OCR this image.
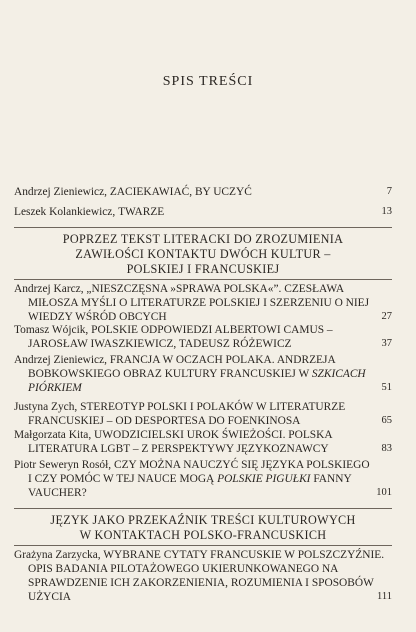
SPIS TREŚCI
Andrzej Zieniewicz, ZACIEKAWIAĆ, BY UCZYĆ	7
Leszek Kolankiewicz, TWARZE	13
POPRZEZ TEKST LITERACKI DO ZROZUMIENIA
ZAWIŁOŚCI KONTAKTU DWÓCH KULTUR –
POLSKIEJ I FRANCUSKIEJ
Andrzej Karcz, „NIESZCZĘSNA »SPRAWA POLSKA«”. CZESŁAWA
MIŁOSZA MYŚLI O LITERATURZE POLSKIEJ I SZERZENIU O NIEJ
WIEDZY WŚRÓD OBCYCH	27
Tomasz Wójcik, POLSKIE ODPOWIEDZI ALBERTOWI CAMUS –
JAROSŁAW IWASZKIEWICZ, TADEUSZ RÓŻEWICZ	37
Andrzej Zieniewicz, FRANCJA W OCZACH POLAKA. ANDRZEJA
BOBKOWSKIEGO OBRAZ KULTURY FRANCUSKIEJ W SZKICACH
PIÓRKIEM	51
Justyna Zych, STEREOTYP POLSKI I POLAKÓW W LITERATURZE
FRANCUSKIEJ – OD DESPORTESA DO FOENKINOSA	65
Małgorzata Kita, UWODZICIELSKI UROK ŚWIEŻOŚCI. POLSKA
LITERATURA LGBT – Z PERSPEKTYWY JĘZYKOZNAWCY	83
Piotr Seweryn Rosół, CZY MOŻNA NAUCZYĆ SIĘ JĘZYKA POLSKIEGO
I CZY POMÓC W TEJ NAUCE MOGĄ POLSKIE PIGUŁKI FANNY
VAUCHER?	101
JĘZYK JAKO PRZEKAŹNIK TREŚCI KULTUROWYCH
W KONTAKTACH POLSKO-FRANCUSKICH
Grażyna Zarzycka, WYBRANE CYTATY FRANCUSKIE W POLSZCZYŹNIE.
OPIS BADANIA PILOTAŻOWEGO UKIERUNKOWANEGO NA
SPRAWDZENIE ICH ZAKORZENIENIA, ROZUMIENIA I SPOSOBÓW
UŻYCIA	111
